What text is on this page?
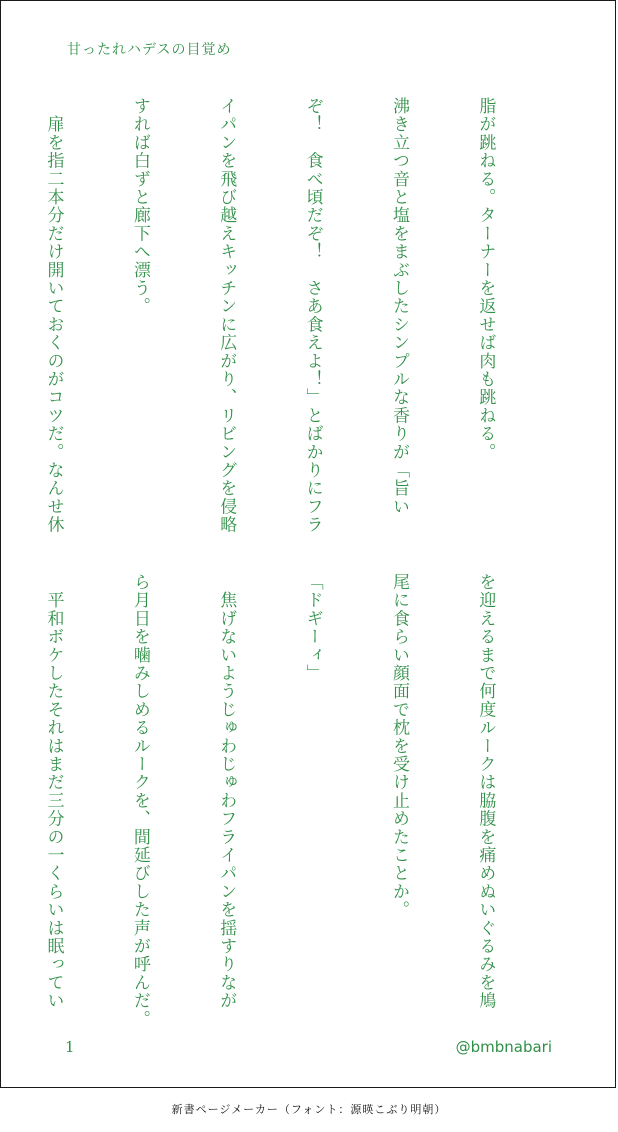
甘ったれハデスの目覚め

脂が跳ねる。ターナーを返せば肉も跳ねる。

沸き立つ音と塩をまぶしたシンプルな香りが「旨い

ぞ！　食べ頃だぞ！　さあ食えよ！」とばかりにフラ

イパンを飛び越えキッチンに広がり、リビングを侵略

すれば白ずと廊下へ漂う。

　扉を指二本分だけ開いておくのがコツだ。なんせ休

を迎えるまで何度ルークは脇腹を痛めぬいぐるみを鳩

尾に食らい顔面で枕を受け止めたことか。

「ドギーィ」

　焦げないようじゅわじゅわフライパンを揺すりなが

ら月日を噛みしめるルークを、間延びした声が呼んだ。

　平和ボケしたそれはまだ三分の一くらいは眠ってい

1	@bmbnabari
新書ページメーカー（フォント：源暎こぶり明朝）
